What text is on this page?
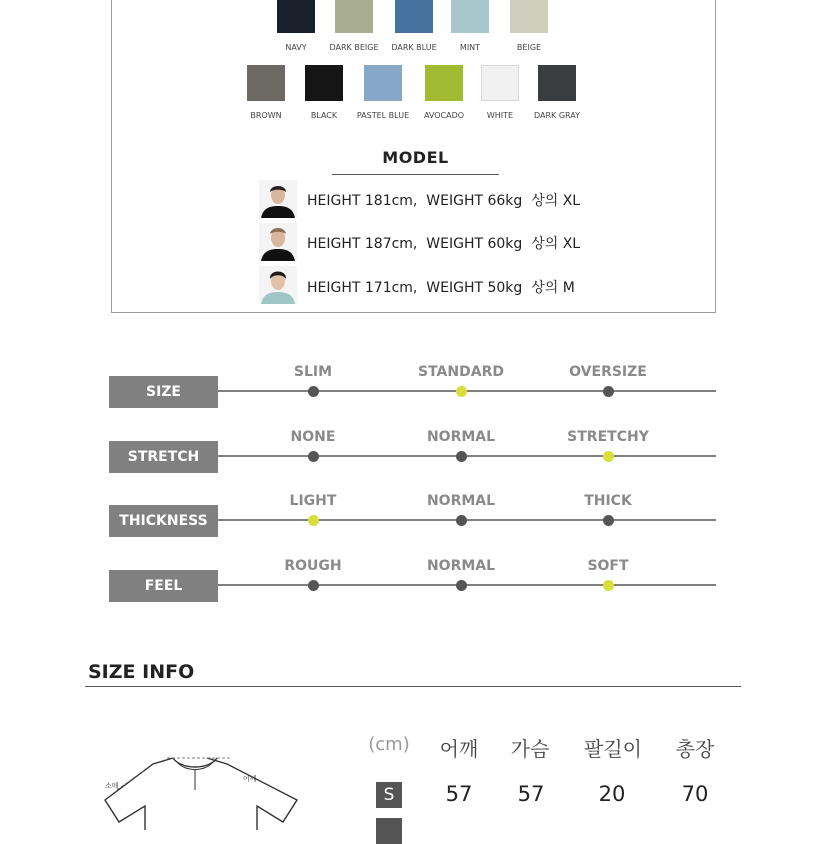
NAVY	DARK BEIGE	DARK BLUE	MINT	BEIGE
BROWN	BLACK	PASTEL BLUE	AVOCADO	WHITE	DARK GRAY
MODEL
HEIGHT 181cm,  WEIGHT 66kg  상의 XL
HEIGHT 187cm,  WEIGHT 60kg  상의 XL
HEIGHT 171cm,  WEIGHT 50kg  상의 M
SIZE
SLIM	STANDARD	OVERSIZE
STRETCH
NONE	NORMAL	STRETCHY
THICKNESS
LIGHT	NORMAL	THICK
FEEL
ROUGH	NORMAL	SOFT
SIZE INFO
(cm)	어깨	가슴	팔길이	총장
S	57	57	20	70
소매
어깨
